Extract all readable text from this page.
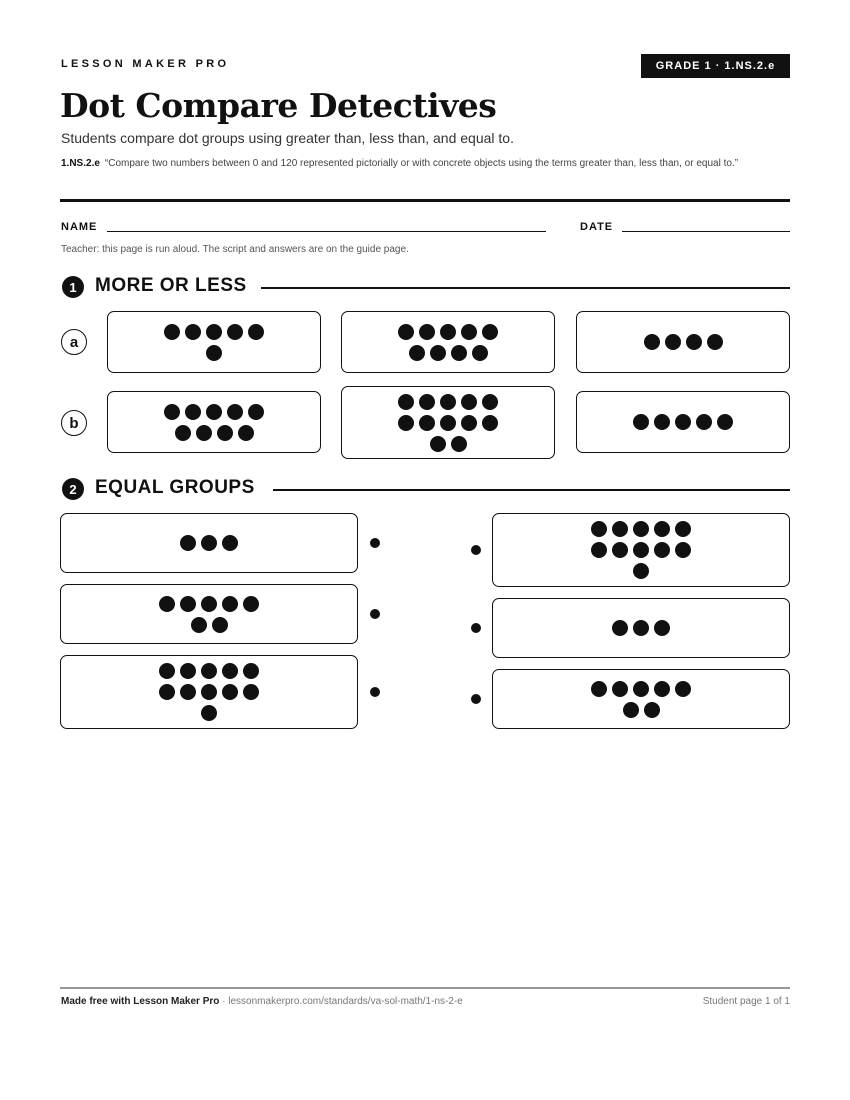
LESSON MAKER PRO	GRADE 1 · 1.NS.2.e
Dot Compare Detectives
Students compare dot groups using greater than, less than, and equal to.
1.NS.2.e “Compare two numbers between 0 and 120 represented pictorially or with concrete objects using the terms greater than, less than, or equal to.”
NAME	DATE
Teacher: this page is run aloud. The script and answers are on the guide page.
1 MORE OR LESS
a
b
2 EQUAL GROUPS
Made free with Lesson Maker Pro · lessonmakerpro.com/standards/va-sol-math/1-ns-2-e	Student page 1 of 1
